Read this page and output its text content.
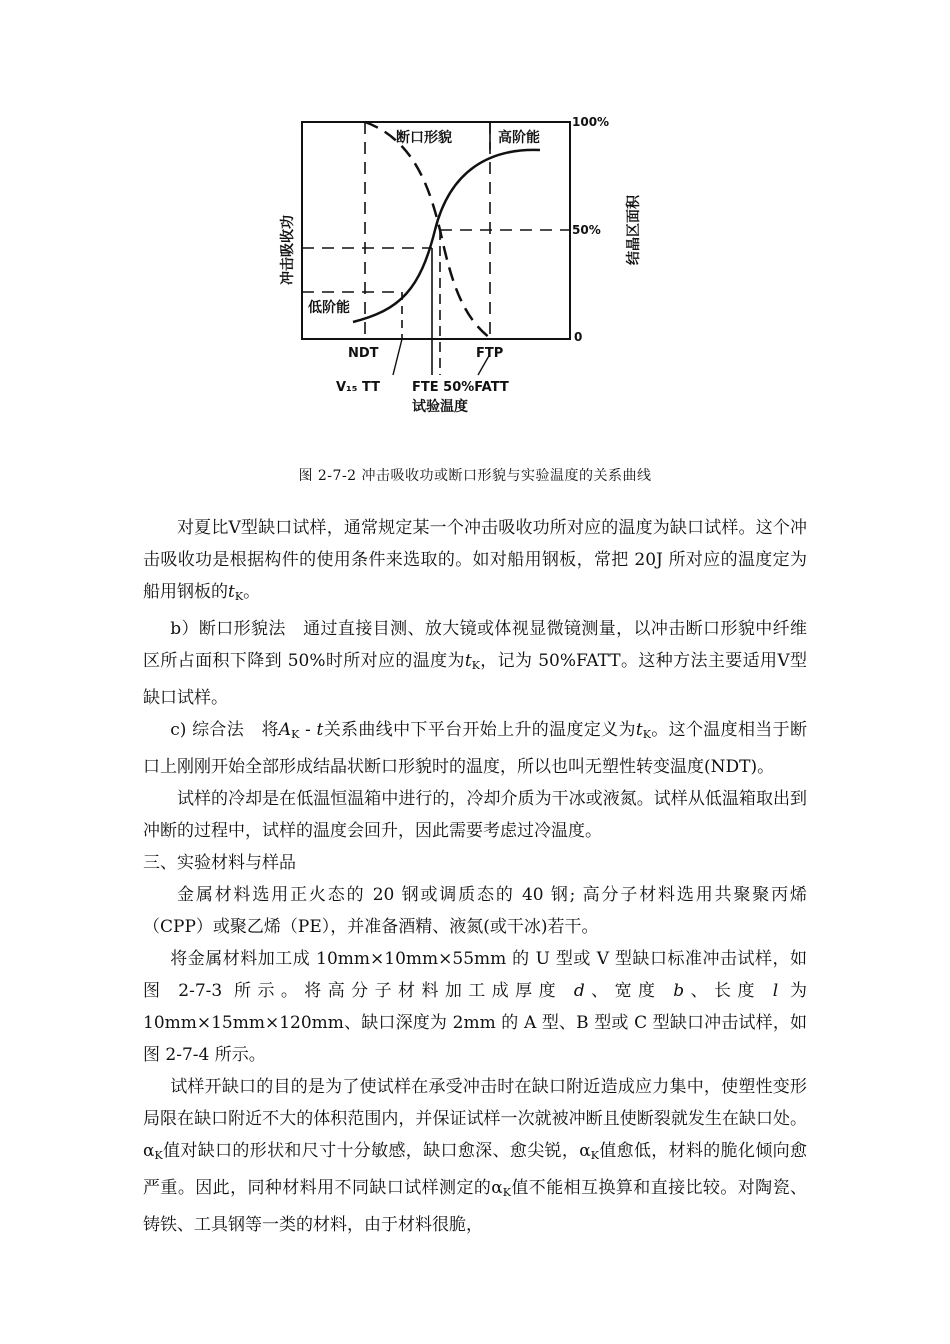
断口形貌	高阶能
低阶能
100%
50%
0
NDT	FTP
V₁₅ TT FTE 50%FATT
试验温度
冲击吸收功	结晶区面积
图 2-7-2 冲击吸收功或断口形貌与实验温度的关系曲线

对夏比V型缺口试样，通常规定某一个冲击吸收功所对应的温度为缺口试样。这个冲击吸收功是根据构件的使用条件来选取的。如对船用钢板，常把 20J 所对应的温度定为船用钢板的$t_K$。

b）断口形貌法　通过直接目测、放大镜或体视显微镜测量，以冲击断口形貌中纤维区所占面积下降到 50%时所对应的温度为$t_K$，记为 50%FATT。这种方法主要适用V型缺口试样。

c) 综合法　将$A_K$ - t关系曲线中下平台开始上升的温度定义为$t_K$。这个温度相当于断口上刚刚开始全部形成结晶状断口形貌时的温度，所以也叫无塑性转变温度(NDT)。

试样的冷却是在低温恒温箱中进行的，冷却介质为干冰或液氮。试样从低温箱取出到冲断的过程中，试样的温度会回升，因此需要考虑过冷温度。

三、实验材料与样品

金属材料选用正火态的 20 钢或调质态的 40 钢; 高分子材料选用共聚聚丙烯（CPP）或聚乙烯（PE），并准备酒精、液氮(或干冰)若干。

将金属材料加工成 10mm×10mm×55mm 的 U 型或 V 型缺口标准冲击试样，如图 2-7-3 所示。将高分子材料加工成厚度 d、宽度 b、长度 l 为 10mm×15mm×120mm、缺口深度为 2mm 的 A 型、B 型或 C 型缺口冲击试样，如图 2-7-4 所示。

试样开缺口的目的是为了使试样在承受冲击时在缺口附近造成应力集中，使塑性变形局限在缺口附近不大的体积范围内，并保证试样一次就被冲断且使断裂就发生在缺口处。$\alpha_K$值对缺口的形状和尺寸十分敏感，缺口愈深、愈尖锐，$\alpha_K$值愈低，材料的脆化倾向愈严重。因此，同种材料用不同缺口试样测定的$\alpha_K$值不能相互换算和直接比较。对陶瓷、铸铁、工具钢等一类的材料，由于材料很脆，
